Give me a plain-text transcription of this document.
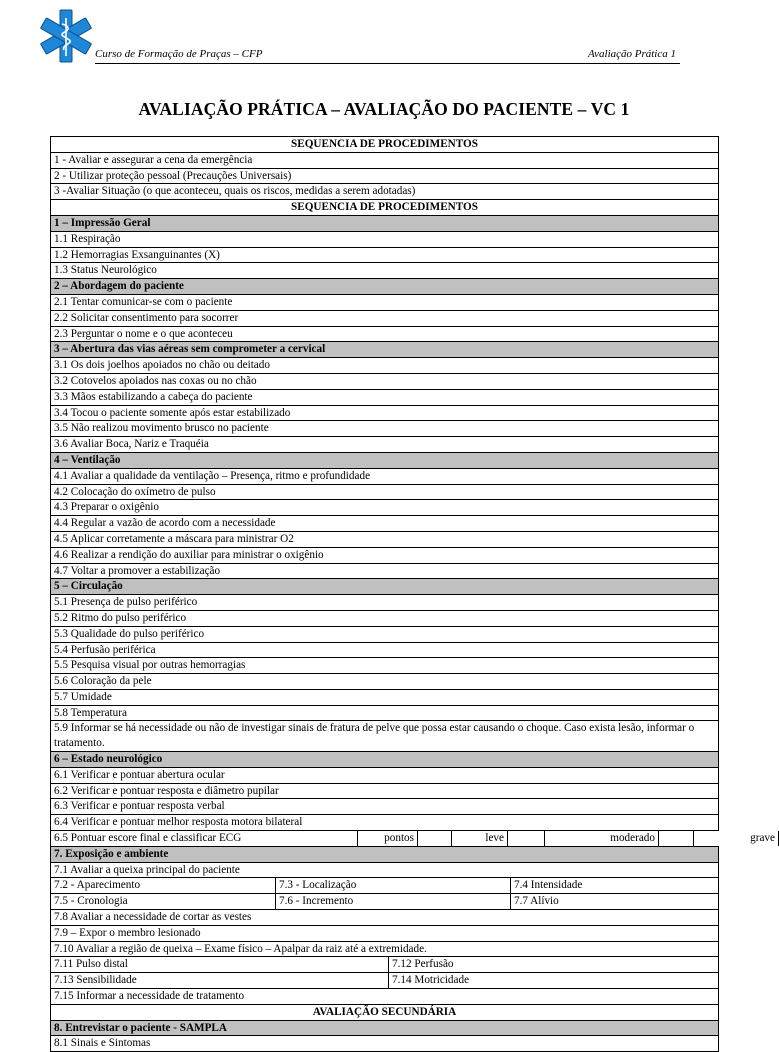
Curso de Formação de Praças – CFP	Avaliação Prática 1
AVALIAÇÃO PRÁTICA – AVALIAÇÃO DO PACIENTE – VC 1
SEQUENCIA DE PROCEDIMENTOS
1 - Avaliar e assegurar a cena da emergência
2 - Utilizar proteção pessoal (Precauções Universais)
3 -Avaliar Situação (o que aconteceu, quais os riscos, medidas a serem adotadas)
SEQUENCIA DE PROCEDIMENTOS
1 – Impressão Geral
1.1 Respiração
1.2 Hemorragias Exsanguinantes (X)
1.3 Status Neurológico
2 – Abordagem do paciente
2.1 Tentar comunicar-se com o paciente
2.2 Solicitar consentimento para socorrer
2.3 Perguntar o nome e o que aconteceu
3 – Abertura das vias aéreas sem comprometer a cervical
3.1 Os dois joelhos apoiados no chão ou deitado
3.2 Cotovelos apoiados nas coxas ou no chão
3.3 Mãos estabilizando a cabeça do paciente
3.4 Tocou o paciente somente após estar estabilizado
3.5 Não realizou movimento brusco no paciente
3.6 Avaliar Boca, Nariz e Traquéia
4 – Ventilação
4.1 Avaliar a qualidade da ventilação – Presença, ritmo e profundidade
4.2 Colocação do oxímetro de pulso
4.3 Preparar o oxigênio
4.4 Regular a vazão de acordo com a necessidade
4.5 Aplicar corretamente a máscara para ministrar O2
4.6 Realizar a rendição do auxiliar para ministrar o oxigênio
4.7 Voltar a promover a estabilização
5 – Circulação
5.1 Presença de pulso periférico
5.2 Ritmo do pulso periférico
5.3 Qualidade do pulso periférico
5.4 Perfusão periférica
5.5 Pesquisa visual por outras hemorragias
5.6 Coloração da pele
5.7 Umidade
5.8 Temperatura
5.9 Informar se há necessidade ou não de investigar sinais de fratura de pelve que possa estar causando o choque. Caso exista lesão, informar o tratamento.
6 – Estado neurológico
6.1 Verificar e pontuar abertura ocular
6.2 Verificar e pontuar resposta e diâmetro pupilar
6.3 Verificar e pontuar resposta verbal
6.4 Verificar e pontuar melhor resposta motora bilateral
6.5 Pontuar escore final e classificar ECG	pontos	leve	moderado	grave
7. Exposição e ambiente
7.1 Avaliar a queixa principal do paciente
7.2 - Aparecimento	7.3 - Localização	7.4 Intensidade
7.5 - Cronologia	7.6 - Incremento	7.7 Alívio
7.8 Avaliar a necessidade de cortar as vestes
7.9 – Expor o membro lesionado
7.10 Avaliar a região de queixa – Exame físico – Apalpar da raiz até a extremidade.
7.11 Pulso distal	7.12 Perfusão
7.13 Sensibilidade	7.14 Motricidade
7.15 Informar a necessidade de tratamento
AVALIAÇÃO SECUNDÁRIA
8. Entrevistar o paciente - SAMPLA
8.1 Sinais e Sintomas
